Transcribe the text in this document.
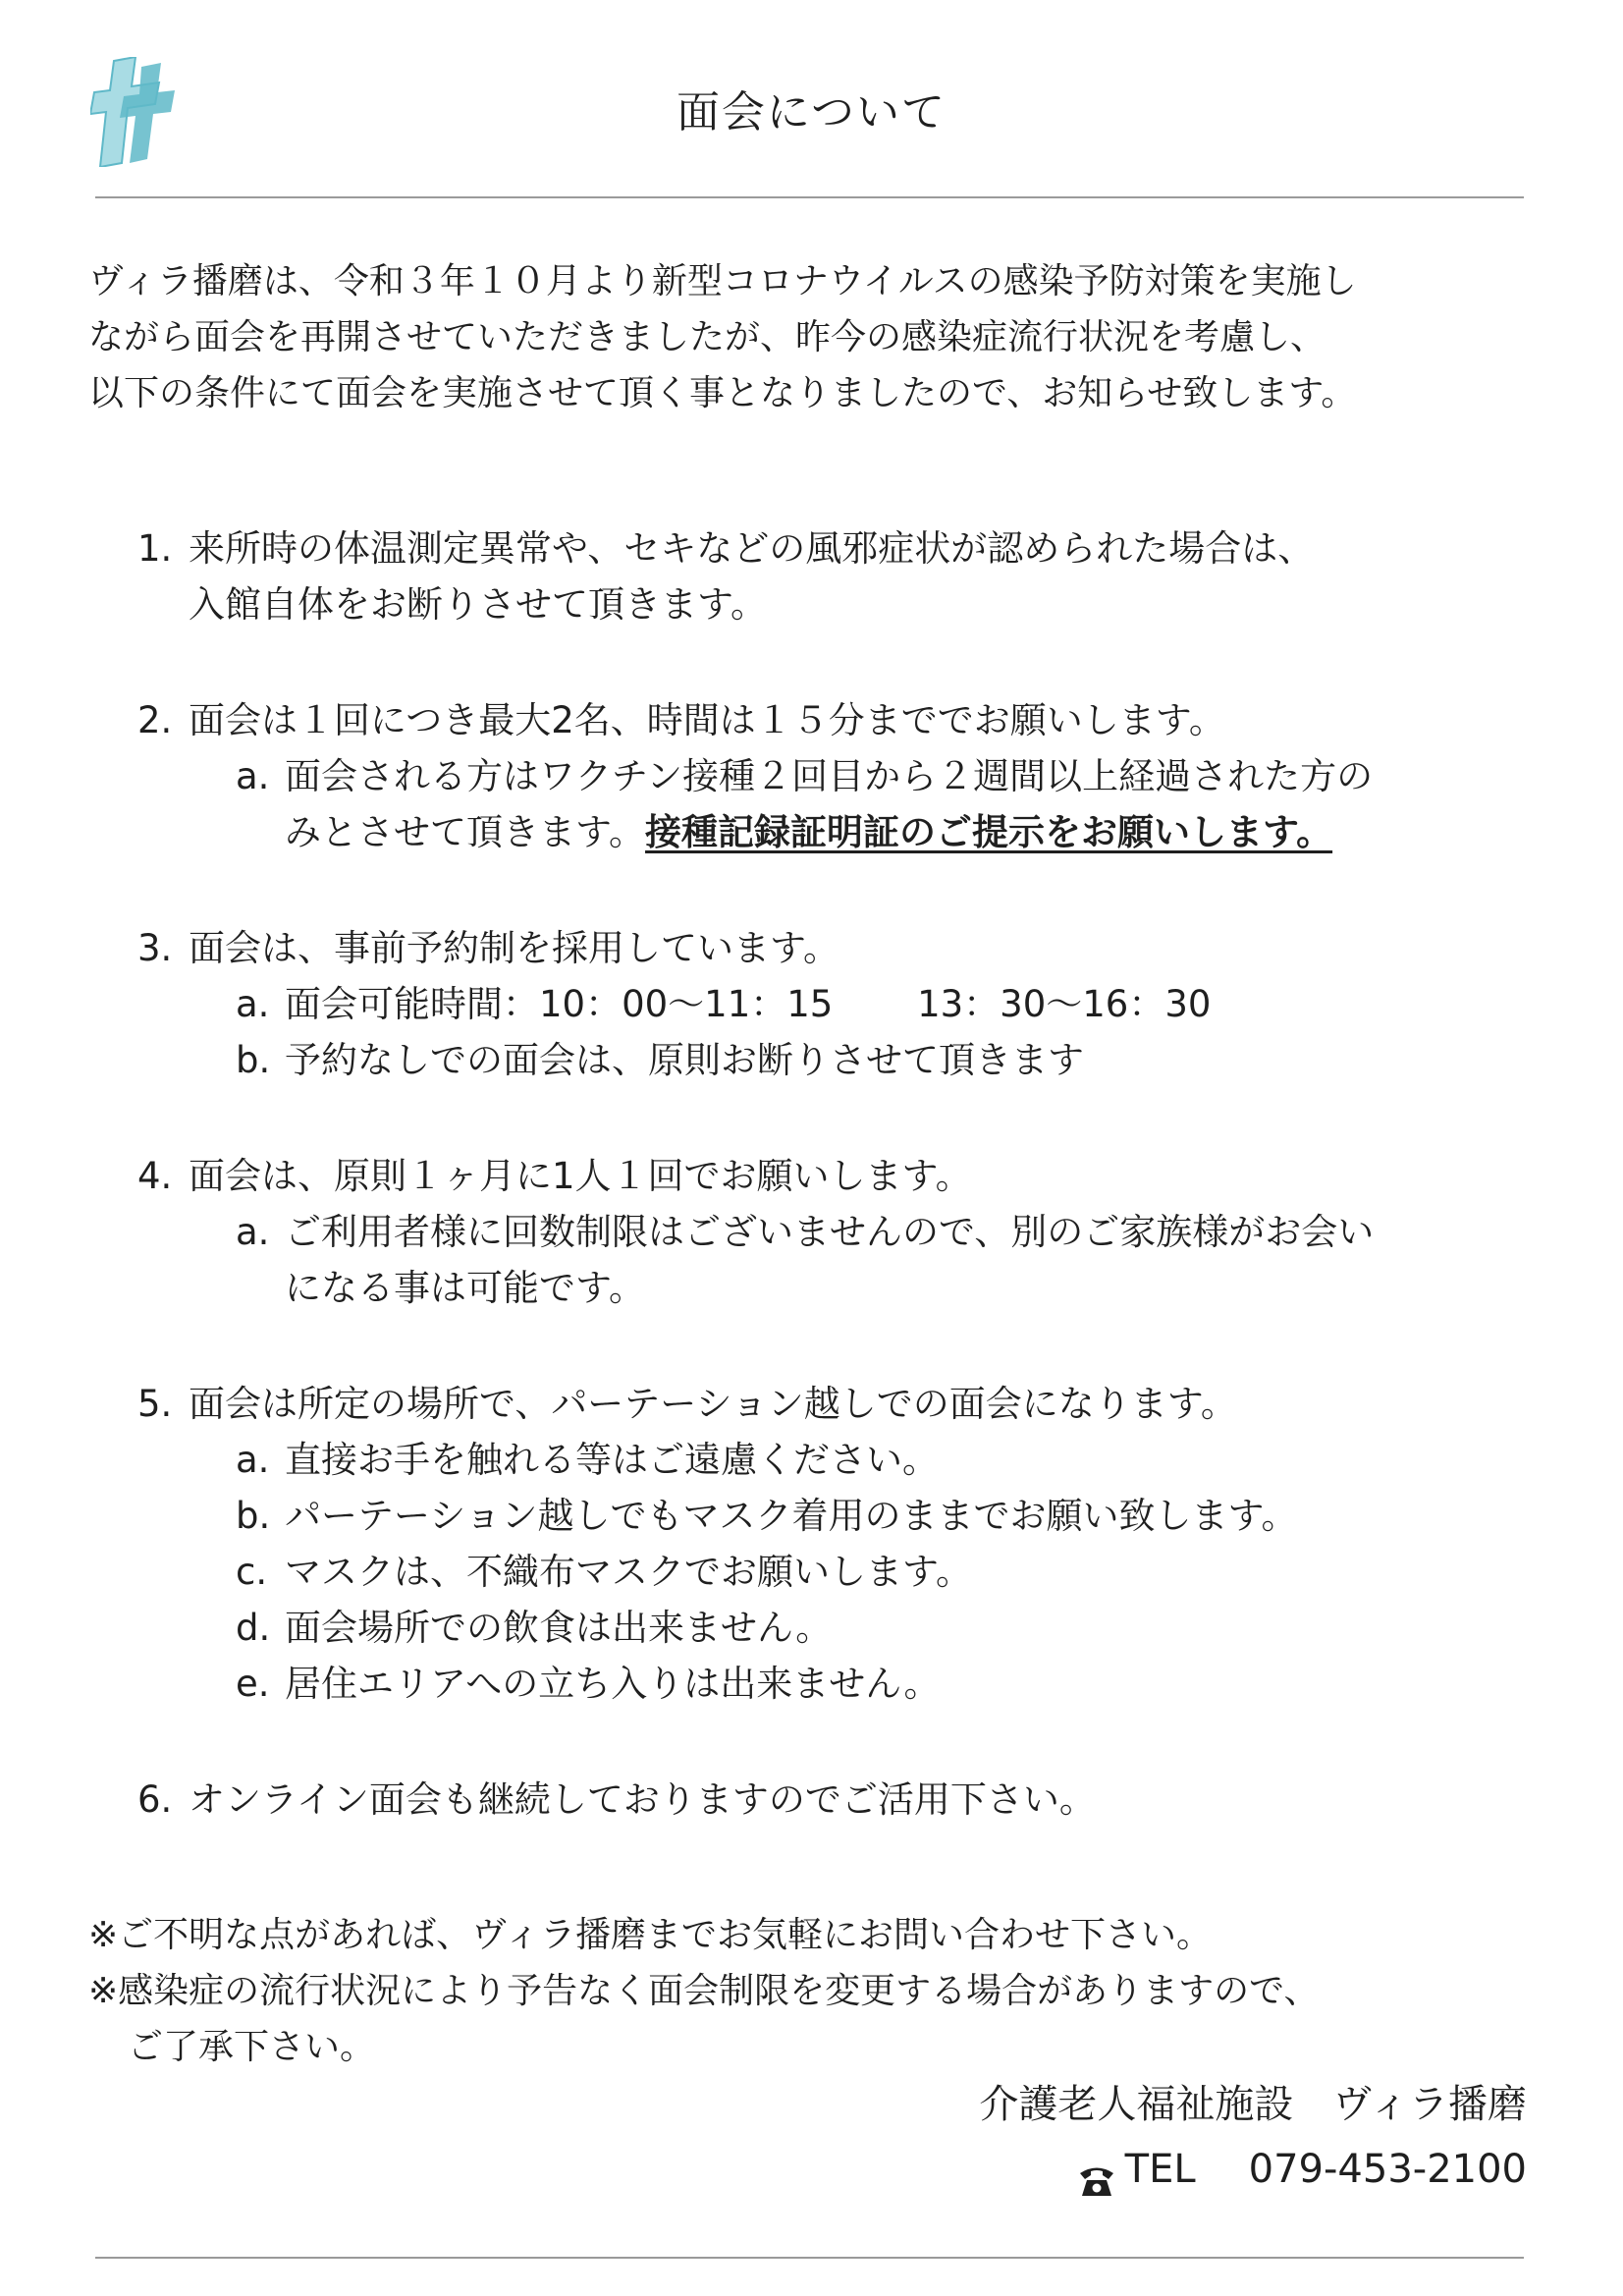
面会について

ヴィラ播磨は、令和３年１０月より新型コロナウイルスの感染予防対策を実施し

ながら面会を再開させていただきましたが、昨今の感染症流行状況を考慮し、

以下の条件にて面会を実施させて頂く事となりましたので、お知らせ致します。

1. 来所時の体温測定異常や、セキなどの風邪症状が認められた場合は、
入館自体をお断りさせて頂きます。
2. 面会は１回につき最大2名、時間は１５分まででお願いします。
a. 面会される方はワクチン接種２回目から２週間以上経過された方の
みとさせて頂きます。 接種記録証明証のご提示をお願いします。
3. 面会は、事前予約制を採用しています。
a. 面会可能時間：10：00～11：15　　 13：30～16：30
b. 予約なしでの面会は、原則お断りさせて頂きます
4. 面会は、原則１ヶ月に1人１回でお願いします。
a. ご利用者様に回数制限はございませんので、別のご家族様がお会い
になる事は可能です。
5. 面会は所定の場所で、パーテーション越しでの面会になります。
a. 直接お手を触れる等はご遠慮ください。
b. パーテーション越しでもマスク着用のままでお願い致します。
c. マスクは、不織布マスクでお願いします。
d. 面会場所での飲食は出来ません。
e. 居住エリアへの立ち入りは出来ません。
6. オンライン面会も継続しておりますのでご活用下さい。

※ご不明な点があれば、ヴィラ播磨までお気軽にお問い合わせ下さい。

※感染症の流行状況により予告なく面会制限を変更する場合がありますので、

ご了承下さい。

介護老人福祉施設　ヴィラ播磨
TEL 079-453-2100
